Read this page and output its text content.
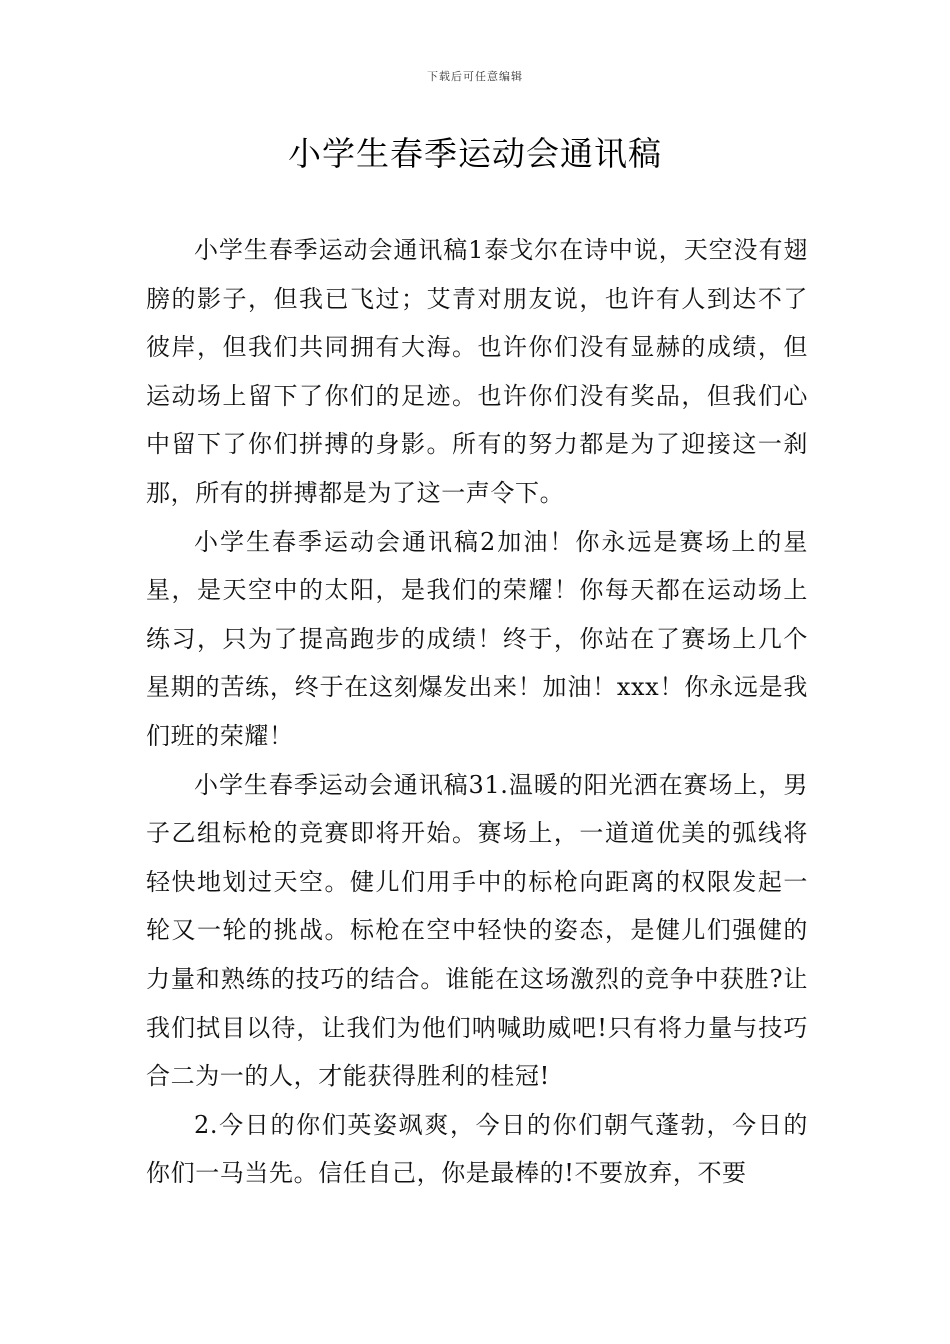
下载后可任意编辑
小学生春季运动会通讯稿

小学生春季运动会通讯稿1泰戈尔在诗中说，天空没有翅膀的影子，但我已飞过；艾青对朋友说，也许有人到达不了彼岸，但我们共同拥有大海。也许你们没有显赫的成绩，但运动场上留下了你们的足迹。也许你们没有奖品，但我们心中留下了你们拼搏的身影。所有的努力都是为了迎接这一刹那，所有的拼搏都是为了这一声令下。

小学生春季运动会通讯稿2加油！你永远是赛场上的星星，是天空中的太阳，是我们的荣耀！你每天都在运动场上练习，只为了提高跑步的成绩！终于，你站在了赛场上几个星期的苦练，终于在这刻爆发出来！加油！xxx！你永远是我们班的荣耀！

小学生春季运动会通讯稿31.温暖的阳光洒在赛场上，男子乙组标枪的竞赛即将开始。赛场上，一道道优美的弧线将轻快地划过天空。健儿们用手中的标枪向距离的权限发起一轮又一轮的挑战。标枪在空中轻快的姿态，是健儿们强健的力量和熟练的技巧的结合。谁能在这场激烈的竞争中获胜?让我们拭目以待，让我们为他们呐喊助威吧!只有将力量与技巧合二为一的人，才能获得胜利的桂冠!

2.今日的你们英姿飒爽，今日的你们朝气蓬勃，今日的你们一马当先。信任自己，你是最棒的!不要放弃，不要
